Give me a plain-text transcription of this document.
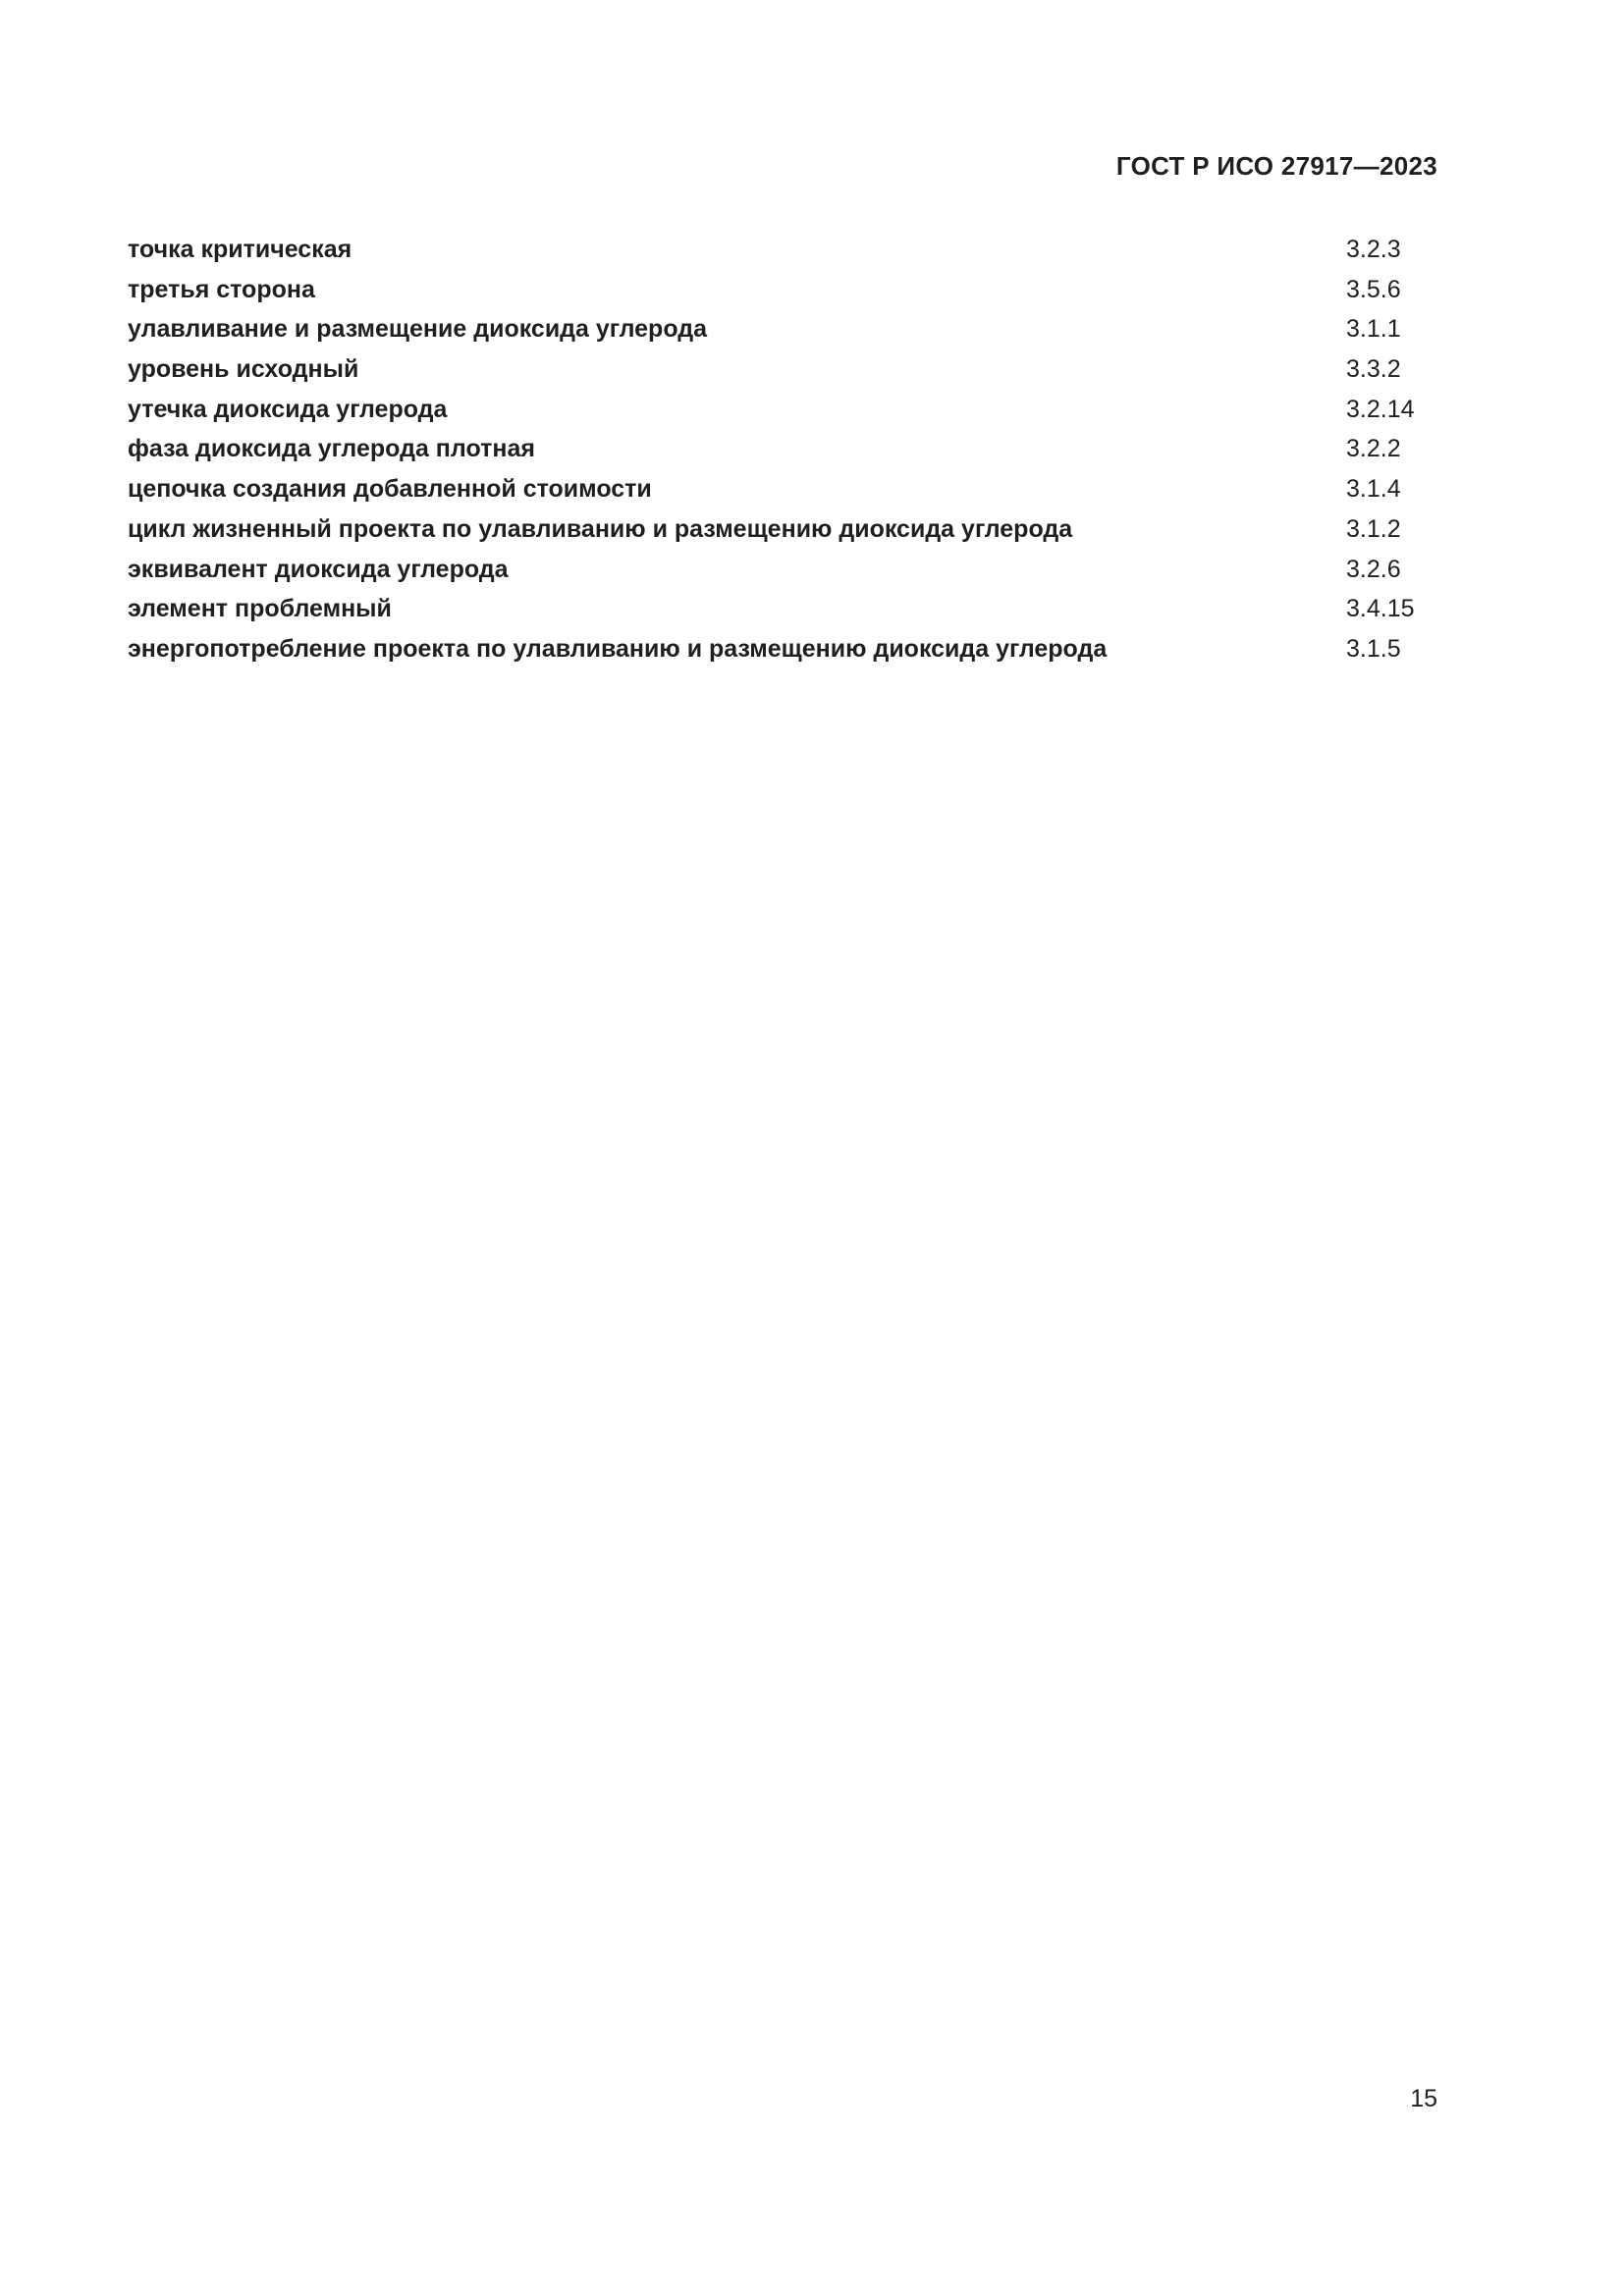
ГОСТ Р ИСО 27917—2023
точка критическая	3.2.3
третья сторона	3.5.6
улавливание и размещение диоксида углерода	3.1.1
уровень исходный	3.3.2
утечка диоксида углерода	3.2.14
фаза диоксида углерода плотная	3.2.2
цепочка создания добавленной стоимости	3.1.4
цикл жизненный проекта по улавливанию и размещению диоксида углерода	3.1.2
эквивалент диоксида углерода	3.2.6
элемент проблемный	3.4.15
энергопотребление проекта по улавливанию и размещению диоксида углерода	3.1.5
15
